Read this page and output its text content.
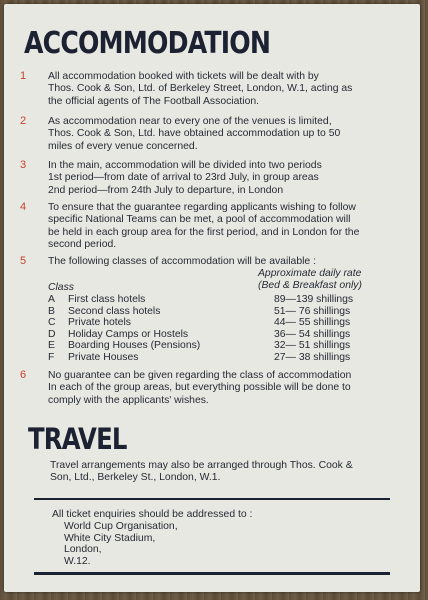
ACCOMMODATION
1 All accommodation booked with tickets will be dealt with by
Thos. Cook & Son, Ltd. of Berkeley Street, London, W.1, acting as
the official agents of The Football Association.
2 As accommodation near to every one of the venues is limited,
Thos. Cook & Son, Ltd. have obtained accommodation up to 50
miles of every venue concerned.
3 In the main, accommodation will be divided into two periods
1st period—from date of arrival to 23rd July, in group areas
2nd period—from 24th July to departure, in London
4 To ensure that the guarantee regarding applicants wishing to follow
specific National Teams can be met, a pool of accommodation will
be held in each group area for the first period, and in London for the
second period.
5 The following classes of accommodation will be available :
Class
Approximate daily rate
(Bed & Breakfast only)
A First class hotels	89—139 shillings
B Second class hotels	51— 76 shillings
C Private hotels	44— 55 shillings
D Holiday Camps or Hostels	36— 54 shillings
E Boarding Houses (Pensions)	32— 51 shillings
F Private Houses	27— 38 shillings
6 No guarantee can be given regarding the class of accommodation
In each of the group areas, but everything possible will be done to
comply with the applicants' wishes.
TRAVEL
Travel arrangements may also be arranged through Thos. Cook &
Son, Ltd., Berkeley St., London, W.1.
All ticket enquiries should be addressed to :
World Cup Organisation,
White City Stadium,
London,
W.12.
